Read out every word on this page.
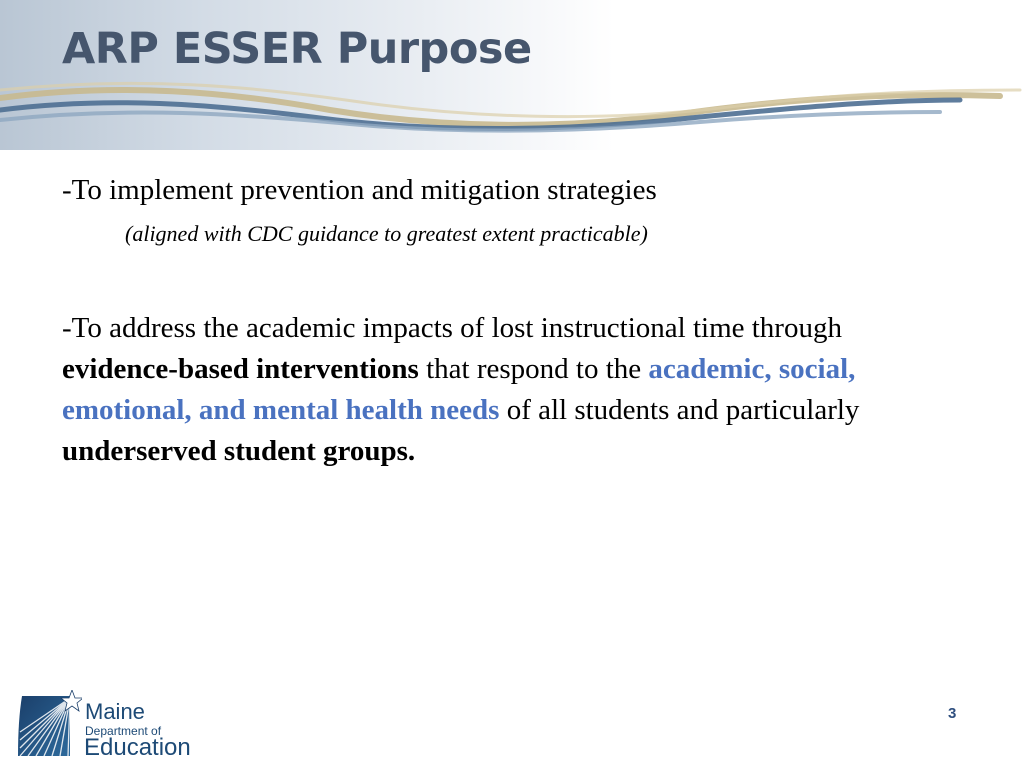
ARP ESSER Purpose

-To implement prevention and mitigation strategies

(aligned with CDC guidance to greatest extent practicable)

-To address the academic impacts of lost instructional time through evidence-based interventions that respond to the academic, social, emotional, and mental health needs of all students and particularly underserved student groups.

Maine
Department of
Education
3
